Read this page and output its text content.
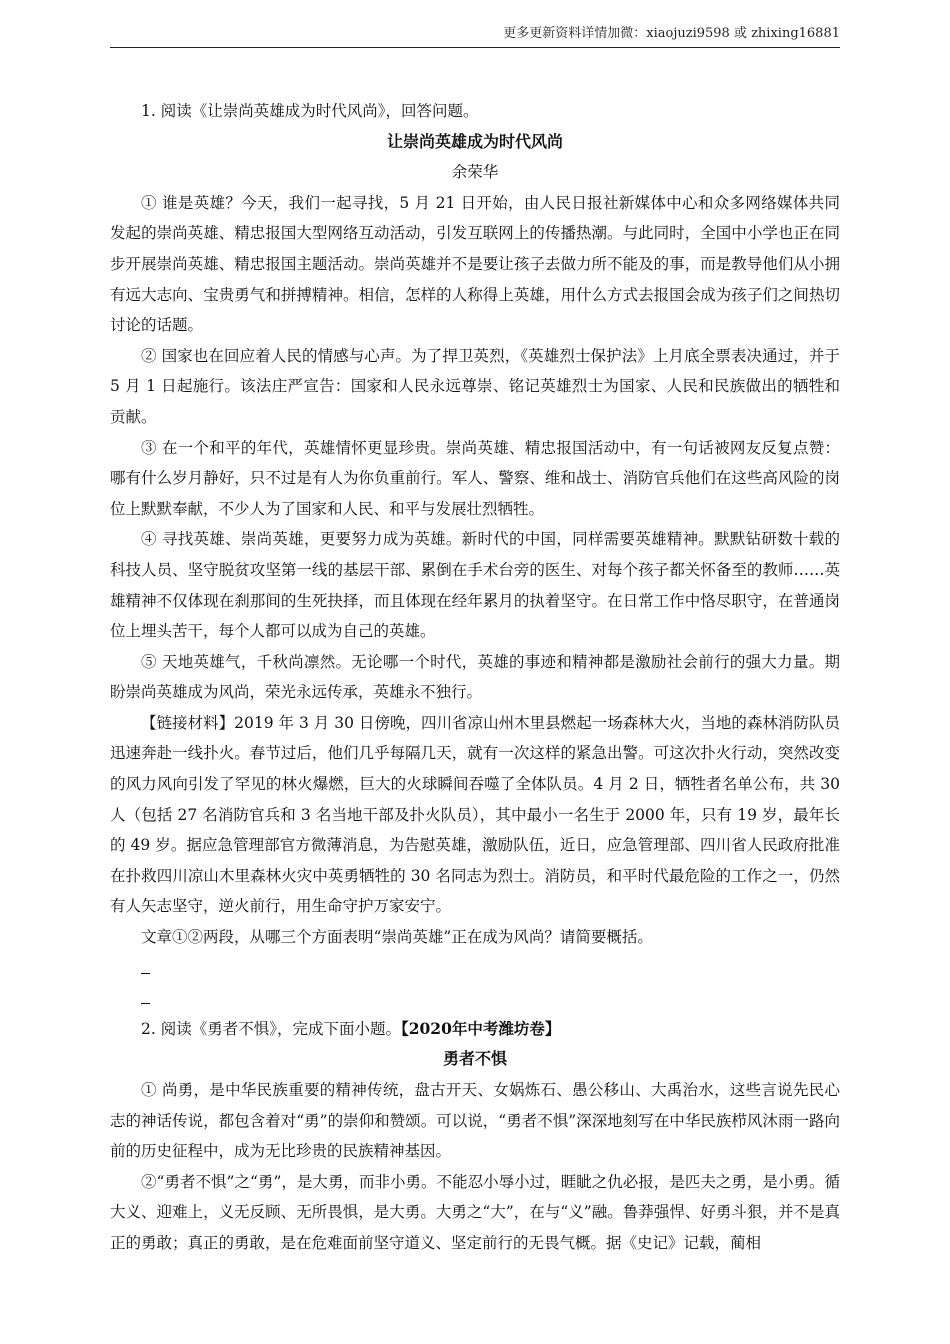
更多更新资料详情加微：xiaojuzi9598 或 zhixing16881

1. 阅读《让崇尚英雄成为时代风尚》，回答问题。

让崇尚英雄成为时代风尚

余荣华

① 谁是英雄？今天，我们一起寻找，5 月 21 日开始，由人民日报社新媒体中心和众多网络媒体共同发起的崇尚英雄、精忠报国大型网络互动活动，引发互联网上的传播热潮。与此同时，全国中小学也正在同步开展崇尚英雄、精忠报国主题活动。崇尚英雄并不是要让孩子去做力所不能及的事，而是教导他们从小拥有远大志向、宝贵勇气和拼搏精神。相信，怎样的人称得上英雄，用什么方式去报国会成为孩子们之间热切讨论的话题。

② 国家也在回应着人民的情感与心声。为了捍卫英烈，《英雄烈士保护法》上月底全票表决通过，并于 5 月 1 日起施行。该法庄严宣告：国家和人民永远尊崇、铭记英雄烈士为国家、人民和民族做出的牺牲和贡献。

③ 在一个和平的年代，英雄情怀更显珍贵。崇尚英雄、精忠报国活动中，有一句话被网友反复点赞：哪有什么岁月静好，只不过是有人为你负重前行。军人、警察、维和战士、消防官兵他们在这些高风险的岗位上默默奉献，不少人为了国家和人民、和平与发展壮烈牺牲。

④ 寻找英雄、崇尚英雄，更要努力成为英雄。新时代的中国，同样需要英雄精神。默默钻研数十载的科技人员、坚守脱贫攻坚第一线的基层干部、累倒在手术台旁的医生、对每个孩子都关怀备至的教师……英雄精神不仅体现在刹那间的生死抉择，而且体现在经年累月的执着坚守。在日常工作中恪尽职守，在普通岗位上埋头苦干，每个人都可以成为自己的英雄。

⑤ 天地英雄气，千秋尚凛然。无论哪一个时代，英雄的事迹和精神都是激励社会前行的强大力量。期盼崇尚英雄成为风尚，荣光永远传承，英雄永不独行。

【链接材料】2019 年 3 月 30 日傍晚，四川省凉山州木里县燃起一场森林大火，当地的森林消防队员迅速奔赴一线扑火。春节过后，他们几乎每隔几天，就有一次这样的紧急出警。可这次扑火行动，突然改变的风力风向引发了罕见的林火爆燃，巨大的火球瞬间吞噬了全体队员。4 月 2 日，牺牲者名单公布，共 30 人（包括 27 名消防官兵和 3 名当地干部及扑火队员），其中最小一名生于 2000 年，只有 19 岁，最年长的 49 岁。据应急管理部官方微薄消息，为告慰英雄，激励队伍，近日，应急管理部、四川省人民政府批准在扑救四川凉山木里森林火灾中英勇牺牲的 30 名同志为烈士。消防员，和平时代最危险的工作之一，仍然有人矢志坚守，逆火前行，用生命守护万家安宁。

文章①②两段，从哪三个方面表明“崇尚英雄”正在成为风尚？请简要概括。

2. 阅读《勇者不惧》，完成下面小题。【2020年中考潍坊卷】

勇者不惧

① 尚勇，是中华民族重要的精神传统，盘古开天、女娲炼石、愚公移山、大禹治水，这些言说先民心志的神话传说，都包含着对“勇”的崇仰和赞颂。可以说，“勇者不惧”深深地刻写在中华民族栉风沐雨一路向前的历史征程中，成为无比珍贵的民族精神基因。

②“勇者不惧”之“勇”，是大勇，而非小勇。不能忍小辱小过，睚眦之仇必报，是匹夫之勇，是小勇。循大义、迎难上，义无反顾、无所畏惧，是大勇。大勇之“大”，在与“义”融。鲁莽强悍、好勇斗狠，并不是真正的勇敢；真正的勇敢，是在危难面前坚守道义、坚定前行的无畏气概。据《史记》记载，蔺相
